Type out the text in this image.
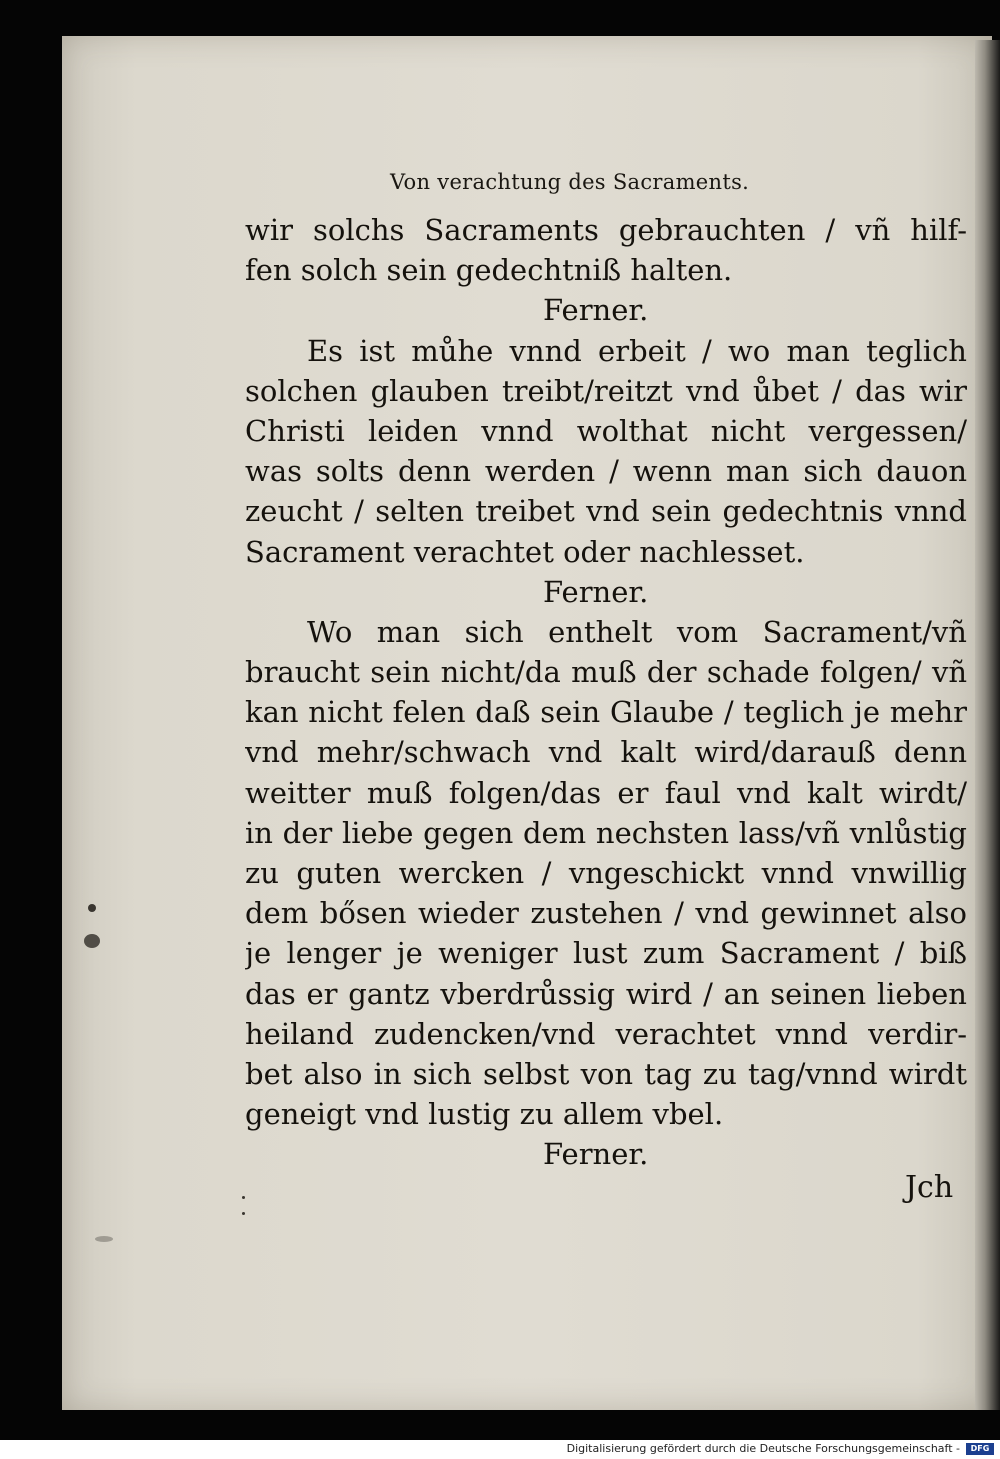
Von verachtung des Sacraments.
wir solchs Sacraments gebrauchten / vñ hilf-
fen solch sein gedechtniß halten.
Ferner.
Es ist můhe vnnd erbeit / wo man teglich
solchen glauben treibt/reitzt vnd ůbet / das wir
Christi leiden vnnd wolthat nicht vergessen/
was solts denn werden / wenn man sich dauon
zeucht / selten treibet vnd sein gedechtnis vnnd
Sacrament verachtet oder nachlesset.
Ferner.
Wo man sich enthelt vom Sacrament/vñ
braucht sein nicht/da muß der schade folgen/ vñ
kan nicht felen daß sein Glaube / teglich je mehr
vnd mehr/schwach vnd kalt wird/darauß denn
weitter muß folgen/das er faul vnd kalt wirdt/
in der liebe gegen dem nechsten lass/vñ vnlůstig
zu guten wercken / vngeschickt vnnd vnwillig
dem bősen wieder zustehen / vnd gewinnet also
je lenger je weniger lust zum Sacrament / biß
das er gantz vberdrůssig wird / an seinen lieben
heiland zudencken/vnd verachtet vnnd verdir-
bet also in sich selbst von tag zu tag/vnnd wirdt
geneigt vnd lustig zu allem vbel.
Ferner.
Jch
Digitalisierung gefördert durch die Deutsche Forschungsgemeinschaft -	DFG
